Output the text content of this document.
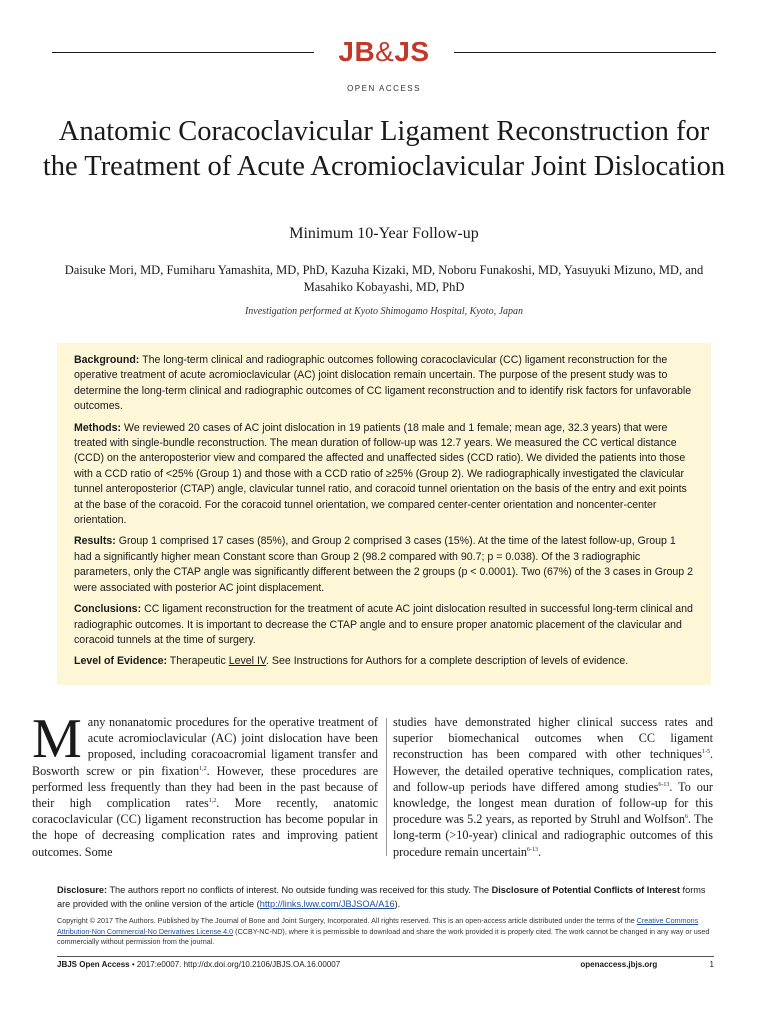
JB&JS
OPEN ACCESS
Anatomic Coracoclavicular Ligament Reconstruction for the Treatment of Acute Acromioclavicular Joint Dislocation
Minimum 10-Year Follow-up
Daisuke Mori, MD, Fumiharu Yamashita, MD, PhD, Kazuha Kizaki, MD, Noboru Funakoshi, MD, Yasuyuki Mizuno, MD, and Masahiko Kobayashi, MD, PhD
Investigation performed at Kyoto Shimogamo Hospital, Kyoto, Japan

Background: The long-term clinical and radiographic outcomes following coracoclavicular (CC) ligament reconstruction for the operative treatment of acute acromioclavicular (AC) joint dislocation remain uncertain. The purpose of the present study was to determine the long-term clinical and radiographic outcomes of CC ligament reconstruction and to identify risk factors for unfavorable outcomes.

Methods: We reviewed 20 cases of AC joint dislocation in 19 patients (18 male and 1 female; mean age, 32.3 years) that were treated with single-bundle reconstruction. The mean duration of follow-up was 12.7 years. We measured the CC vertical distance (CCD) on the anteroposterior view and compared the affected and unaffected sides (CCD ratio). We divided the patients into those with a CCD ratio of <25% (Group 1) and those with a CCD ratio of ≥25% (Group 2). We radiographically investigated the clavicular tunnel anteroposterior (CTAP) angle, clavicular tunnel ratio, and coracoid tunnel orientation on the basis of the entry and exit points at the base of the coracoid. For the coracoid tunnel orientation, we compared center-center orientation and noncenter-center orientation.

Results: Group 1 comprised 17 cases (85%), and Group 2 comprised 3 cases (15%). At the time of the latest follow-up, Group 1 had a significantly higher mean Constant score than Group 2 (98.2 compared with 90.7; p = 0.038). Of the 3 radiographic parameters, only the CTAP angle was significantly different between the 2 groups (p < 0.0001). Two (67%) of the 3 cases in Group 2 were associated with posterior AC joint displacement.

Conclusions: CC ligament reconstruction for the treatment of acute AC joint dislocation resulted in successful long-term clinical and radiographic outcomes. It is important to decrease the CTAP angle and to ensure proper anatomic placement of the clavicular and coracoid tunnels at the time of surgery.

Level of Evidence: Therapeutic Level IV. See Instructions for Authors for a complete description of levels of evidence.

Many nonanatomic procedures for the operative treatment of acute acromioclavicular (AC) joint dislocation have been proposed, including coracoacromial ligament transfer and Bosworth screw or pin fixation$^{1,2}$. However, these procedures are performed less frequently than they had been in the past because of their high complication rates$^{1,2}$. More recently, anatomic coracoclavicular (CC) ligament reconstruction has become popular in the hope of decreasing complication rates and improving patient outcomes. Some
studies have demonstrated higher clinical success rates and superior biomechanical outcomes when CC ligament reconstruction has been compared with other techniques$^{1-5}$. However, the detailed operative techniques, complication rates, and follow-up periods have differed among studies$^{6-13}$. To our knowledge, the longest mean duration of follow-up for this procedure was 5.2 years, as reported by Struhl and Wolfson$^6$. The long-term (>10-year) clinical and radiographic outcomes of this procedure remain uncertain$^{6-13}$.
Disclosure: The authors report no conflicts of interest. No outside funding was received for this study. The Disclosure of Potential Conflicts of Interest forms are provided with the online version of the article (http://links.lww.com/JBJSOA/A16).
Copyright © 2017 The Authors. Published by The Journal of Bone and Joint Surgery, Incorporated. All rights reserved. This is an open-access article distributed under the terms of the Creative Commons Attribution-Non Commercial-No Derivatives License 4.0 (CCBY-NC-ND), where it is permissible to download and share the work provided it is properly cited. The work cannot be changed in any way or used commercially without permission from the journal.
JBJS Open Access • 2017:e0007. http://dx.doi.org/10.2106/JBJS.OA.16.00007	openaccess.jbjs.org	1
